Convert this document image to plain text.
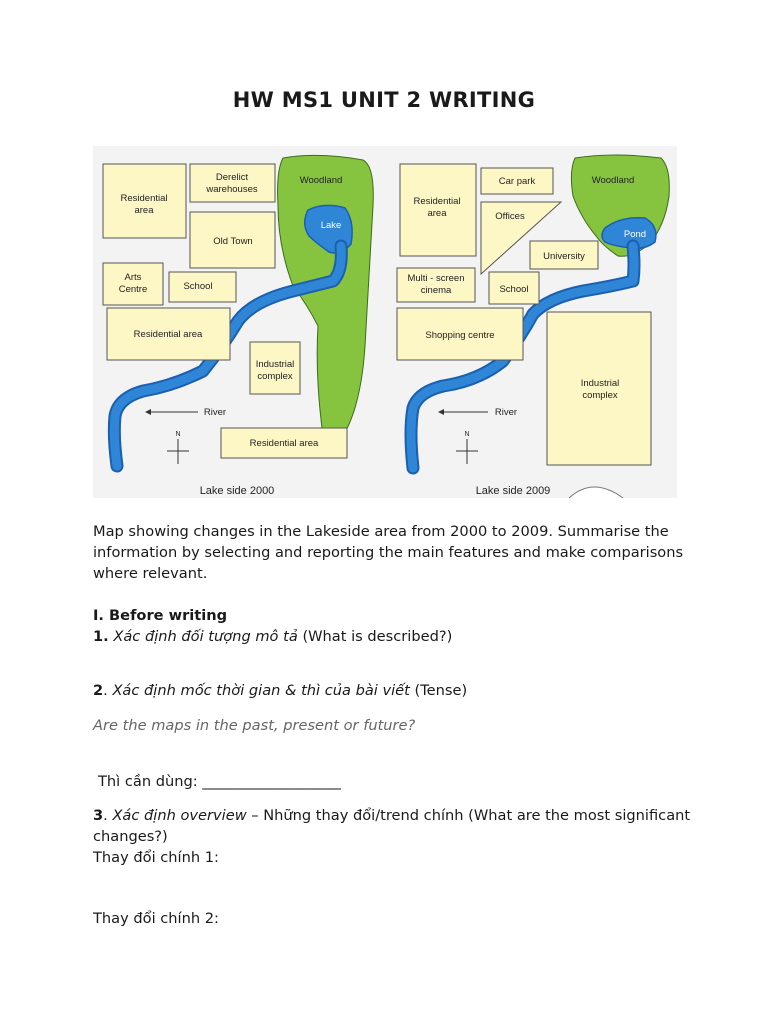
HW MS1 UNIT 2 WRITING
Residential area
Derelict warehouses
Woodland
Lake
Old Town
Arts Centre	School
Residential area
Industrial complex
River
N
Residential area
Lake side 2000
Residential area
Car park	Woodland
Offices
Pond
University
Multi - screen cinema	School
Shopping centre
Industrial complex
River
N
Lake side 2009

Map showing changes in the Lakeside area from 2000 to 2009. Summarise the information by selecting and reporting the main features and make comparisons where relevant.

I. Before writing

1. Xác định đối tượng mô tả (What is described?)

2. Xác định mốc thời gian & thì của bài viết (Tense)

Are the maps in the past, present or future?

Thì cần dùng: ___________________

3. Xác định overview – Những thay đổi/trend chính (What are the most significant changes?)

Thay đổi chính 1:

Thay đổi chính 2:
